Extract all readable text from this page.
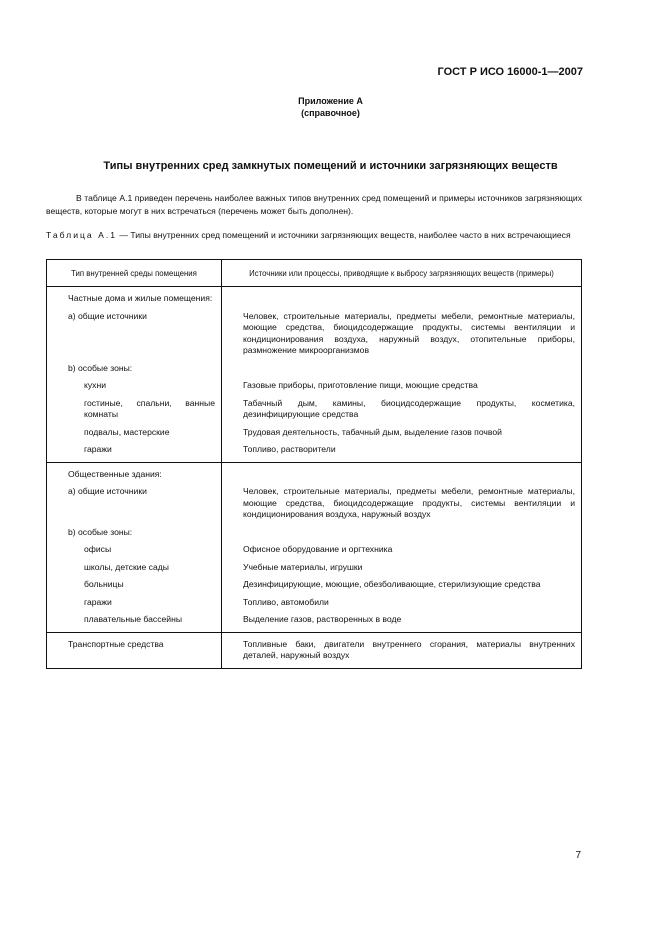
ГОСТ Р ИСО 16000-1—2007
Приложение А
(справочное)
Типы внутренних сред замкнутых помещений и источники загрязняющих веществ
В таблице А.1 приведен перечень наиболее важных типов внутренних сред помещений и примеры источников загрязняющих веществ, которые могут в них встречаться (перечень может быть дополнен).
Таблица А.1 — Типы внутренних сред помещений и источники загрязняющих веществ, наиболее часто в них встречающиеся
Тип внутренней среды помещения	Источники или процессы, приводящие к выбросу загрязняющих веществ (примеры)

Частные дома и жилые помещения:	

а) общие источники	Человек, строительные материалы, предметы мебели, ремонтные материалы, моющие средства, биоцидсодержащие продукты, системы вентиляции и кондиционирования воздуха, наружный воздух, отопительные приборы, размножение микроорганизмов

b) особые зоны:	

кухни	Газовые приборы, приготовление пищи, моющие средства

гостиные, спальни, ванные комнаты	Табачный дым, камины, биоцидсодержащие продукты, косметика, дезинфицирующие средства

подвалы, мастерские	Трудовая деятельность, табачный дым, выделение газов почвой

гаражи	Топливо, растворители

Общественные здания:	

а) общие источники	Человек, строительные материалы, предметы мебели, ремонтные материалы, моющие средства, биоцидсодержащие продукты, системы вентиляции и кондиционирования воздуха, наружный воздух

b) особые зоны:	

офисы	Офисное оборудование и оргтехника

школы, детские сады	Учебные материалы, игрушки

больницы	Дезинфицирующие, моющие, обезболивающие, стерилизующие средства

гаражи	Топливо, автомобили

плавательные бассейны	Выделение газов, растворенных в воде

Транспортные средства	Топливные баки, двигатели внутреннего сгорания, материалы внутренних деталей, наружный воздух
7
